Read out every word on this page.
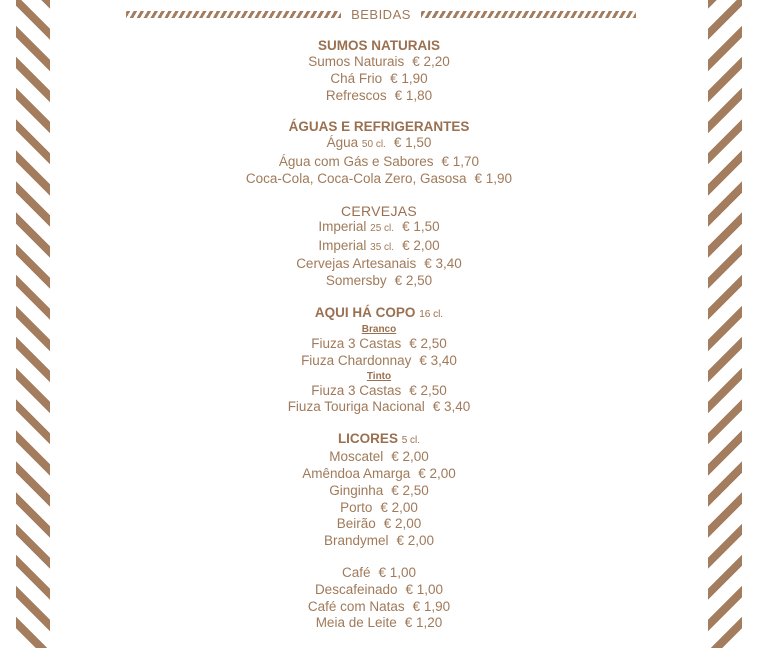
BEBIDAS
SUMOS NATURAIS
Sumos Naturais € 2,20
Chá Frio € 1,90
Refrescos € 1,80
ÁGUAS E REFRIGERANTES
Água 50 cl. € 1,50
Água com Gás e Sabores € 1,70
Coca-Cola, Coca-Cola Zero, Gasosa € 1,90
CERVEJAS
Imperial 25 cl. € 1,50
Imperial 35 cl. € 2,00
Cervejas Artesanais € 3,40
Somersby € 2,50
AQUI HÁ COPO 16 cl.
Branco
Fiuza 3 Castas € 2,50
Fiuza Chardonnay € 3,40
Tinto
Fiuza 3 Castas € 2,50
Fiuza Touriga Nacional € 3,40
LICORES 5 cl.
Moscatel € 2,00
Amêndoa Amarga € 2,00
Ginginha € 2,50
Porto € 2,00
Beirão € 2,00
Brandymel € 2,00
Café € 1,00
Descafeinado € 1,00
Café com Natas € 1,90
Meia de Leite € 1,20
